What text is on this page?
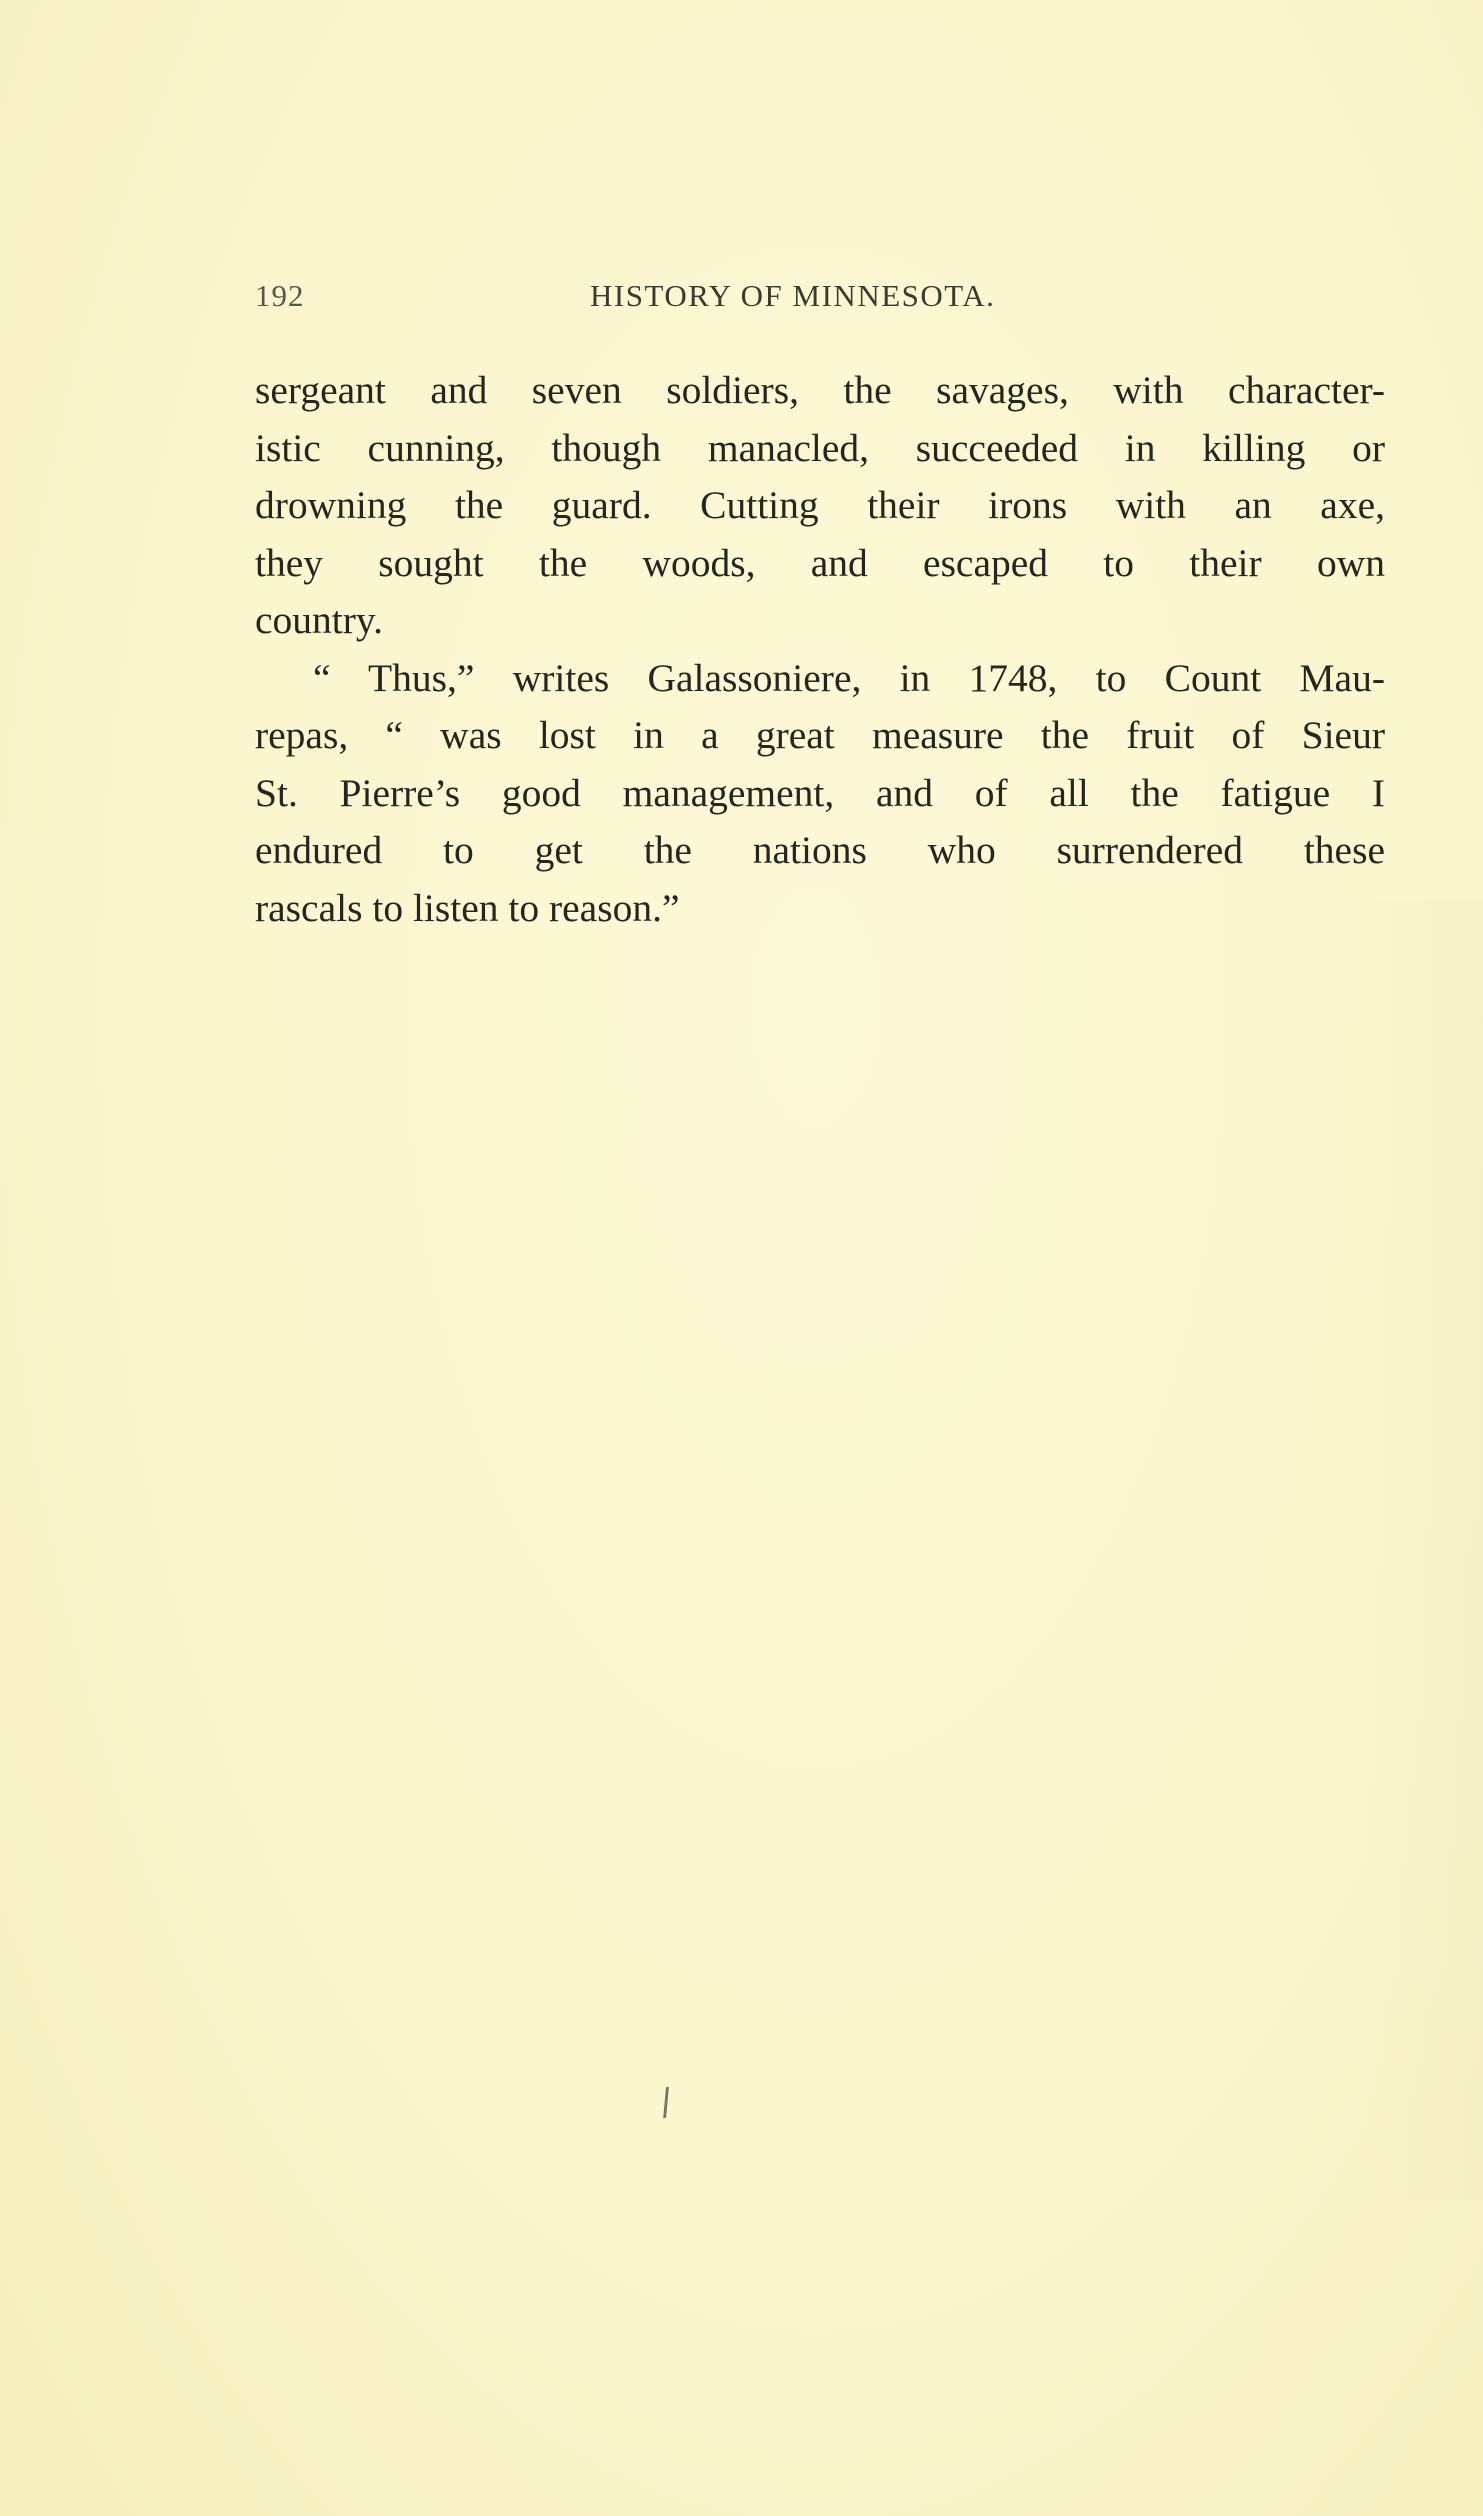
192	HISTORY OF MINNESOTA.
sergeant and seven soldiers, the savages, with character-
istic cunning, though manacled, succeeded in killing or
drowning the guard. Cutting their irons with an axe,
they sought the woods, and escaped to their own
country.
“ Thus,” writes Galassoniere, in 1748, to Count Mau-
repas, “ was lost in a great measure the fruit of Sieur
St. Pierre’s good management, and of all the fatigue I
endured to get the nations who surrendered these
rascals to listen to reason.”
/
